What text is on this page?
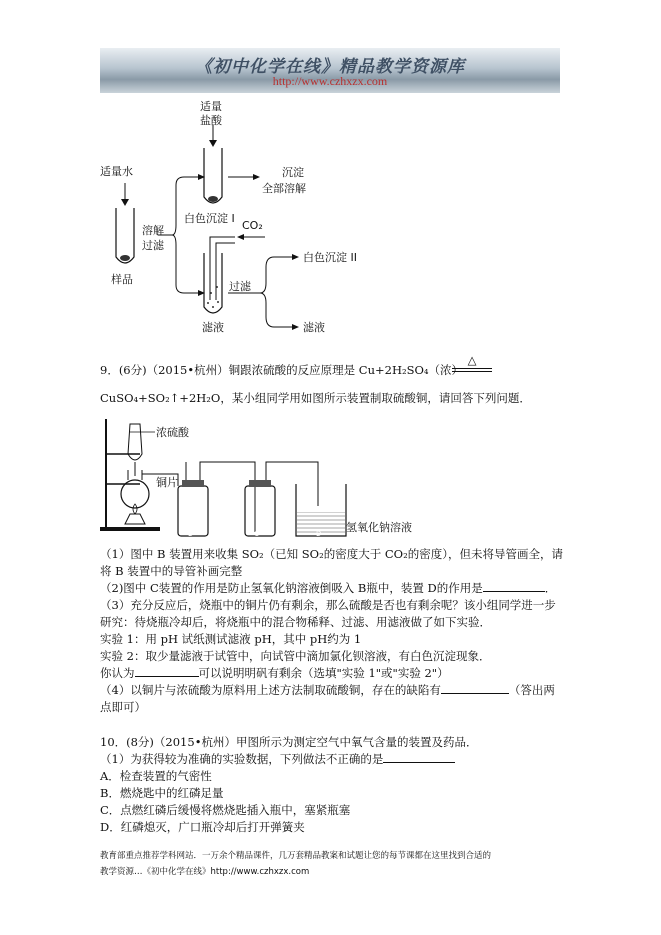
《初中化学在线》精品教学资源库
http://www.czhxzx.com
适量水
溶解
过滤
样品
适量
盐酸
沉淀
全部溶解
白色沉淀 I
CO₂
白色沉淀 II
过滤
滤液	滤液
9．(6分)（2015•杭州）铜跟浓硫酸的反应原理是 Cu+2H₂SO₄（浓）
△
CuSO₄+SO₂↑+2H₂O，某小组同学用如图所示装置制取硫酸铜，请回答下列问题．
浓硫酸
铜片
氢氧化钠溶液
A	B	C	D
（1）图中 B 装置用来收集 SO₂（已知 SO₂的密度大于 CO₂的密度），但未将导管画全，请
将 B 装置中的导管补画完整
（2)图中 C装置的作用是防止氢氧化钠溶液倒吸入 B瓶中，装置 D的作用是	．
（3）充分反应后，烧瓶中的铜片仍有剩余，那么硫酸是否也有剩余呢？该小组同学进一步
研究：待烧瓶冷却后，将烧瓶中的混合物稀释、过滤、用滤液做了如下实验．
实验 1：用 pH 试纸测试滤液 pH，其中 pH约为 1
实验 2：取少量滤液于试管中，向试管中滴加氯化钡溶液，有白色沉淀现象．
你认为	可以说明明矾有剩余（选填"实验 1"或"实验 2"）
（4）以铜片与浓硫酸为原料用上述方法制取硫酸铜，存在的缺陷有	（答出两
点即可）
10．(8分)（2015•杭州）甲图所示为测定空气中氧气含量的装置及药品．
（1）为获得较为准确的实验数据，下列做法不正确的是
A．检查装置的气密性
B．燃烧匙中的红磷足量
C．点燃红磷后缓慢将燃烧匙插入瓶中，塞紧瓶塞
D．红磷熄灭，广口瓶冷却后打开弹簧夹
教育部重点推荐学科网站．一万余个精品课件，几万套精品教案和试题让您的每节课都在这里找到合适的
教学资源…《初中化学在线》http://www.czhxzx.com
